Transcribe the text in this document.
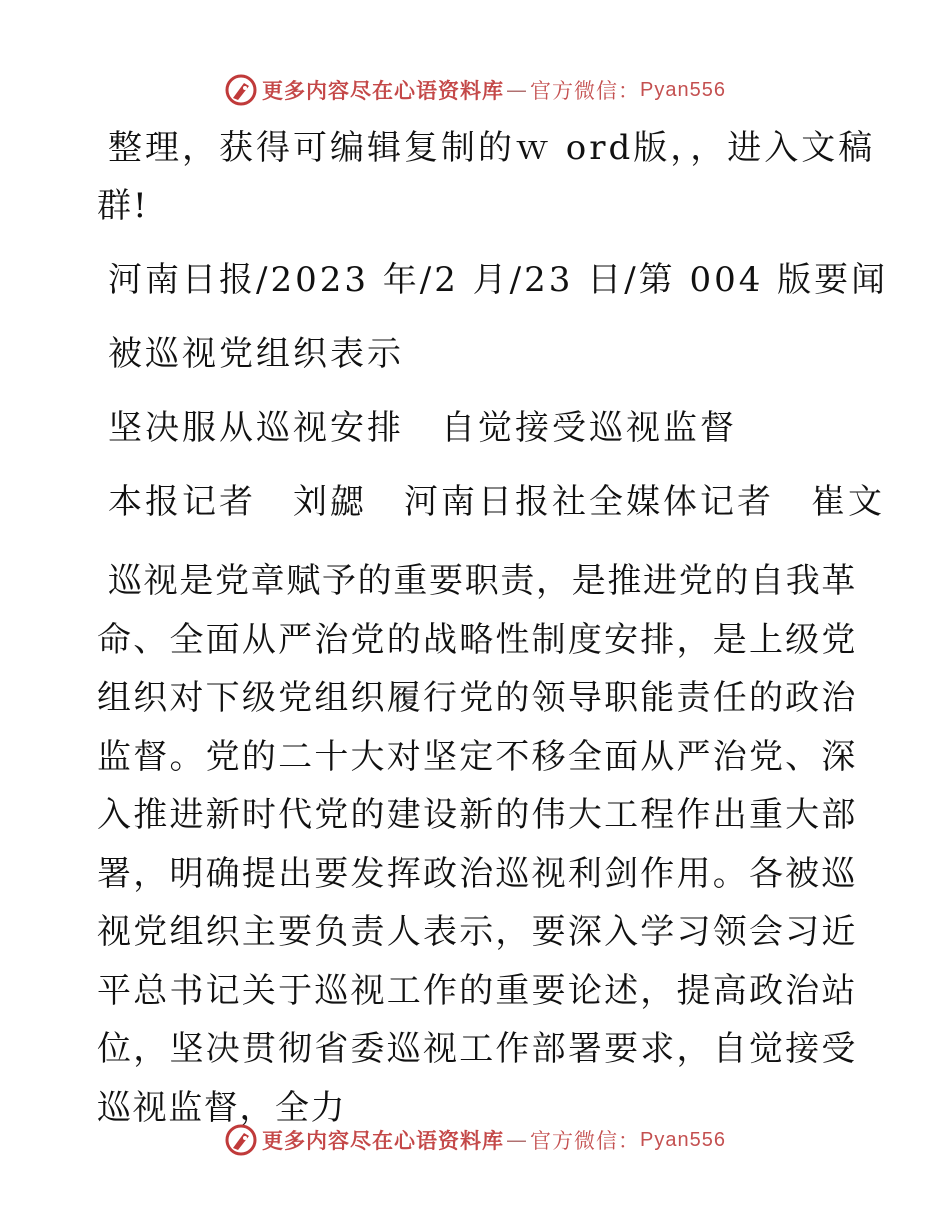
更多内容尽在心语资料库 — 官方微信： Pyan556
整理，获得可编辑复制的ｗ ord版，，进入文稿
群!
河南日报/2023 年/2 月/23 日/第 004 版要闻
被巡视党组织表示
坚决服从巡视安排　自觉接受巡视监督
本报记者　刘勰　河南日报社全媒体记者　崔文
巡视是党章赋予的重要职责，是推进党的自我革命、全面从严治党的战略性制度安排，是上级党组织对下级党组织履行党的领导职能责任的政治监督。党的二十大对坚定不移全面从严治党、深入推进新时代党的建设新的伟大工程作出重大部署，明确提出要发挥政治巡视利剑作用。各被巡视党组织主要负责人表示，要深入学习领会习近平总书记关于巡视工作的重要论述，提高政治站位，坚决贯彻省委巡视工作部署要求，自觉接受巡视监督，全力
更多内容尽在心语资料库 — 官方微信： Pyan556
